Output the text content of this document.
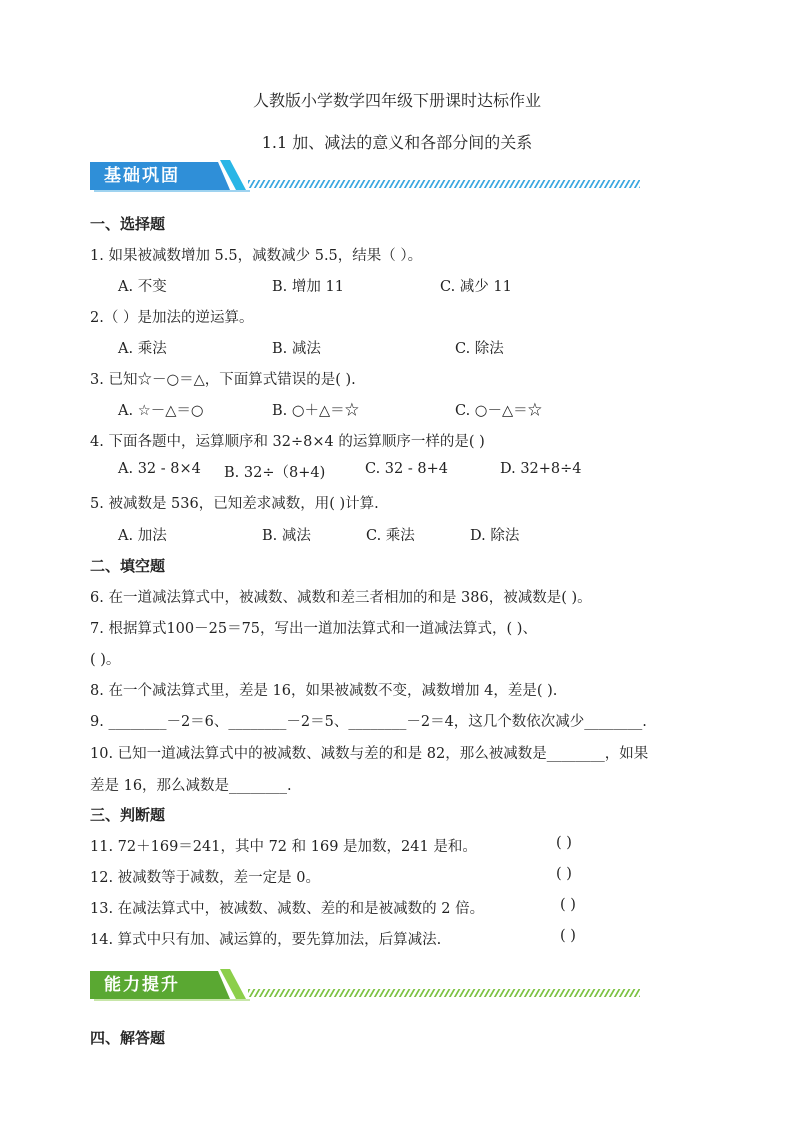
人教版小学数学四年级下册课时达标作业
1.1 加、减法的意义和各部分间的关系
基础巩固
一、选择题
1. 如果被减数增加 5.5，减数减少 5.5，结果（ ）。
A. 不变	B. 增加 11	C. 减少 11
2.（ ）是加法的逆运算。
A. 乘法	B. 减法	C. 除法
3. 已知☆－○＝△，下面算式错误的是( ).
A. ☆－△＝○	B. ○＋△＝☆	C. ○－△＝☆
4. 下面各题中，运算顺序和 32÷8×4 的运算顺序一样的是( )
A. 32 - 8×4 B. 32÷（8+4)	C. 32 - 8+4	D. 32+8÷4
5. 被减数是 536，已知差求减数，用( )计算.
A. 加法	B. 减法	C. 乘法	D. 除法
二、填空题
6. 在一道减法算式中，被减数、减数和差三者相加的和是 386，被减数是( )。
7. 根据算式100－25＝75，写出一道加法算式和一道减法算式，( )、
( )。
8. 在一个减法算式里，差是 16，如果被减数不变，减数增加 4，差是( ).
9. ________－2＝6、________－2＝5、________－2＝4，这几个数依次减少________.
10. 已知一道减法算式中的被减数、减数与差的和是 82，那么被减数是________，如果
差是 16，那么减数是________.
三、判断题
11. 72＋169＝241，其中 72 和 169 是加数，241 是和。	( )
12. 被减数等于减数，差一定是 0。	( )
13. 在减法算式中，被减数、减数、差的和是被减数的 2 倍。	( )
14. 算式中只有加、减运算的，要先算加法，后算减法.	( )
能力提升
四、解答题
